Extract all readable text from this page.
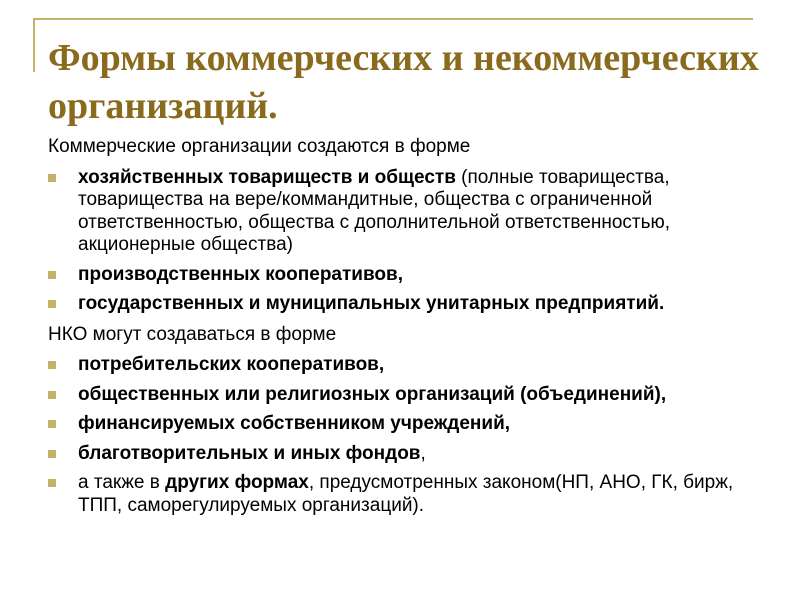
Формы коммерческих и некоммерческих организаций.

Коммерческие организации создаются в форме

хозяйственных товариществ и обществ (полные товарищества, товарищества на вере/коммандитные, общества с ограниченной ответственностью, общества с дополнительной ответственностью, акционерные общества)
производственных кооперативов,
государственных и муниципальных унитарных предприятий.

НКО могут создаваться в форме

потребительских кооперативов,
общественных или религиозных организаций (объединений),
финансируемых собственником учреждений,
благотворительных и иных фондов,
а также в других формах, предусмотренных законом(НП, АНО, ГК, бирж, ТПП, саморегулируемых организаций).
